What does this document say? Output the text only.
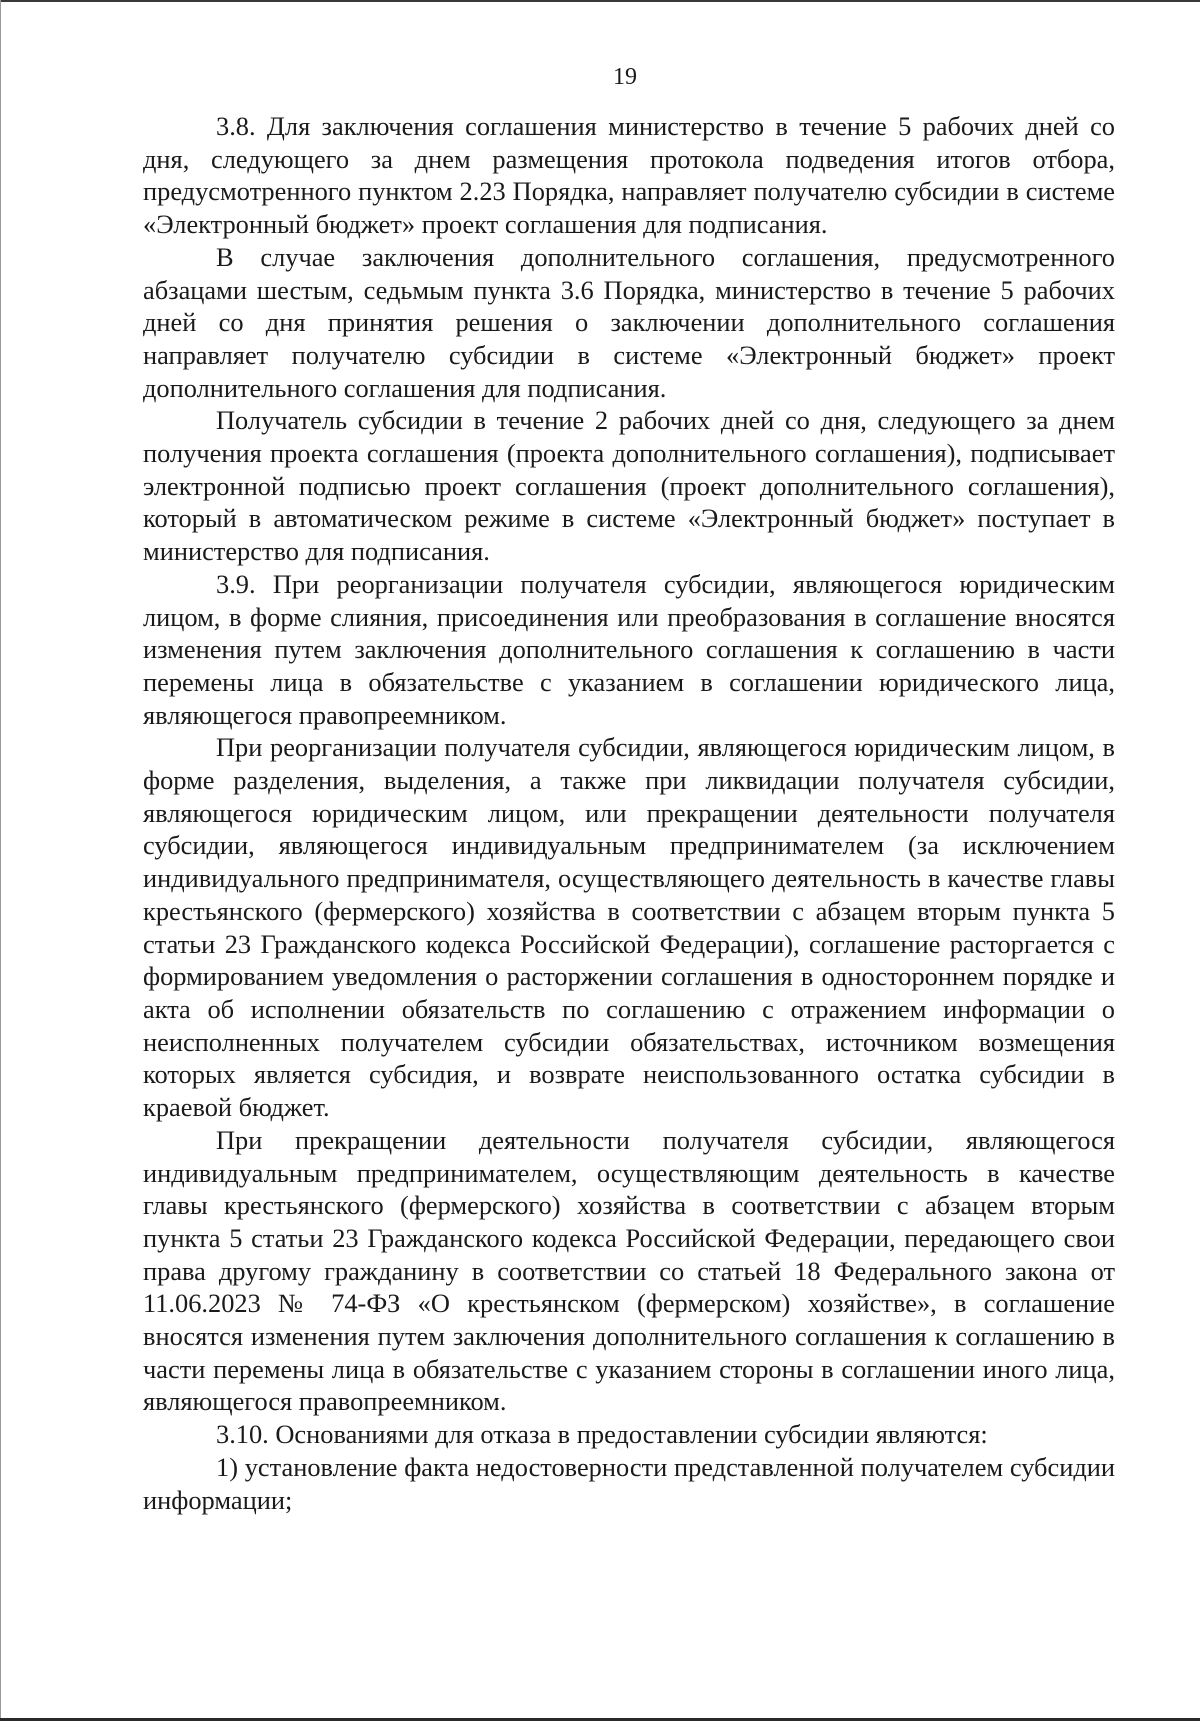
19

3.8. Для заключения соглашения министерство в течение 5 рабочих дней со дня, следующего за днем размещения протокола подведения итогов отбора, предусмотренного пунктом 2.23 Порядка, направляет получателю субсидии в системе «Электронный бюджет» проект соглашения для подписания.

В случае заключения дополнительного соглашения, предусмотренного абзацами шестым, седьмым пункта 3.6 Порядка, министерство в течение 5 рабочих дней со дня принятия решения о заключении дополнительного соглашения направляет получателю субсидии в системе «Электронный бюджет» проект дополнительного соглашения для подписания.

Получатель субсидии в течение 2 рабочих дней со дня, следующего за днем получения проекта соглашения (проекта дополнительного соглашения), подписывает электронной подписью проект соглашения (проект дополнительного соглашения), который в автоматическом режиме в системе «Электронный бюджет» поступает в министерство для подписания.

3.9. При реорганизации получателя субсидии, являющегося юридическим лицом, в форме слияния, присоединения или преобразования в соглашение вносятся изменения путем заключения дополнительного соглашения к соглашению в части перемены лица в обязательстве с указанием в соглашении юридического лица, являющегося правопреемником.

При реорганизации получателя субсидии, являющегося юридическим лицом, в форме разделения, выделения, а также при ликвидации получателя субсидии, являющегося юридическим лицом, или прекращении деятельности получателя субсидии, являющегося индивидуальным предпринимателем (за исключением индивидуального предпринимателя, осуществляющего деятельность в качестве главы крестьянского (фермерского) хозяйства в соответствии с абзацем вторым пункта 5 статьи 23 Гражданского кодекса Российской Федерации), соглашение расторгается с формированием уведомления о расторжении соглашения в одностороннем порядке и акта об исполнении обязательств по соглашению с отражением информации о неисполненных получателем субсидии обязательствах, источником возмещения которых является субсидия, и возврате неиспользованного остатка субсидии в краевой бюджет.

При прекращении деятельности получателя субсидии, являющегося индивидуальным предпринимателем, осуществляющим деятельность в качестве главы крестьянского (фермерского) хозяйства в соответствии с абзацем вторым пункта 5 статьи 23 Гражданского кодекса Российской Федерации, передающего свои права другому гражданину в соответствии со статьей 18 Федерального закона от 11.06.2023 № 74-ФЗ «О крестьянском (фермерском) хозяйстве», в соглашение вносятся изменения путем заключения дополнительного соглашения к соглашению в части перемены лица в обязательстве с указанием стороны в соглашении иного лица, являющегося правопреемником.

3.10. Основаниями для отказа в предоставлении субсидии являются:

1) установление факта недостоверности представленной получателем субсидии информации;
